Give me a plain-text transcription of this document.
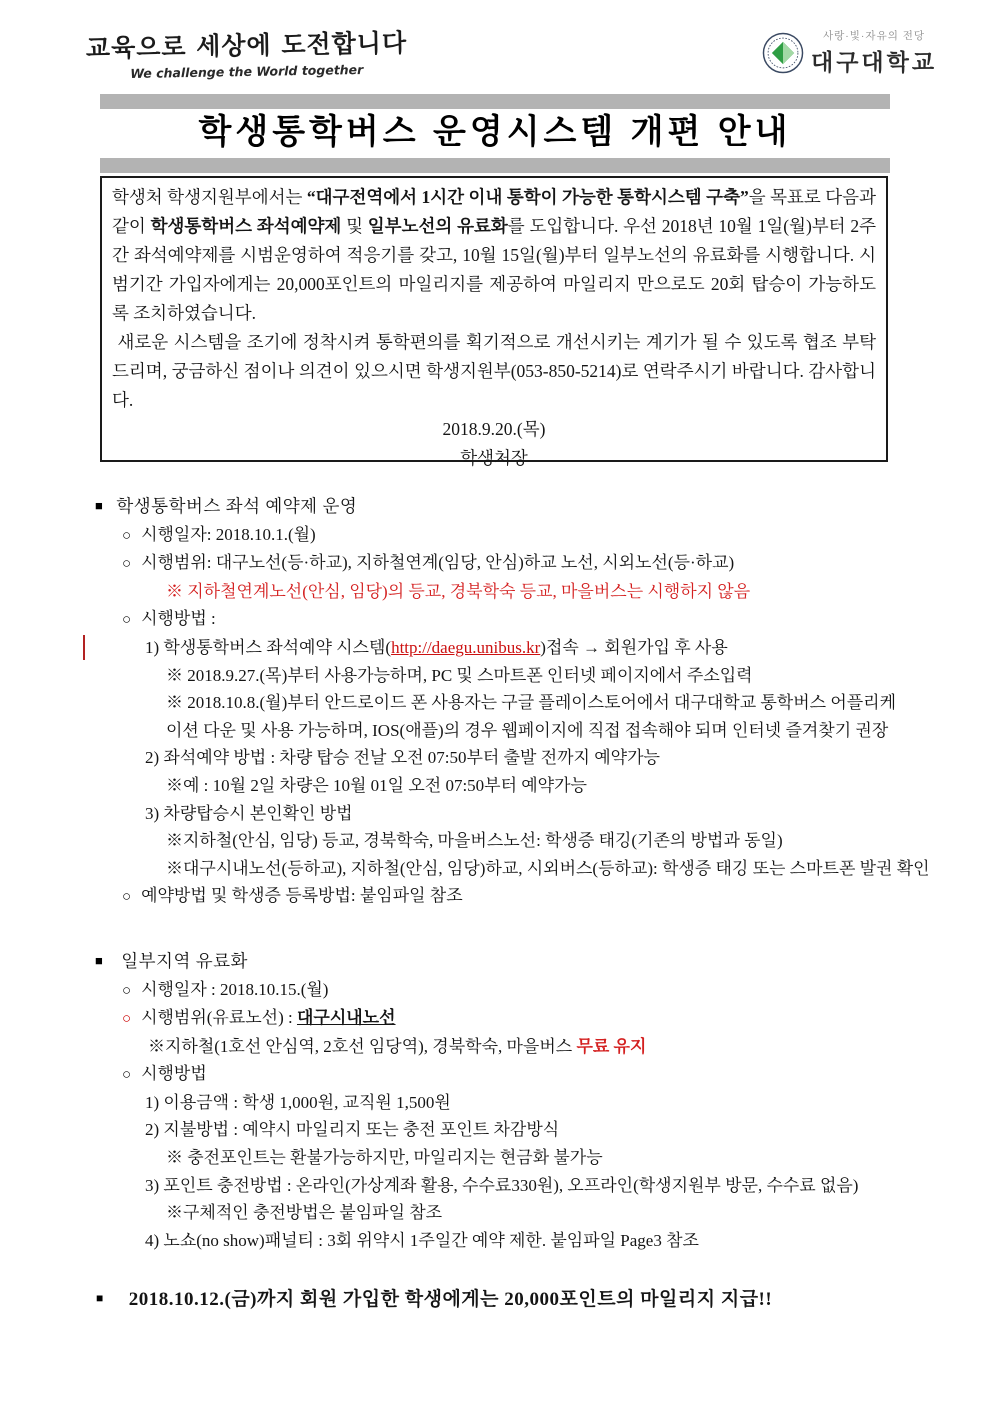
교육으로 세상에 도전합니다
We challenge the World together
사랑·빛·자유의 전당
대구대학교
학생통학버스 운영시스템 개편 안내

학생처 학생지원부에서는 “대구전역에서 1시간 이내 통학이 가능한 통학시스템 구축”을 목표로 다음과 같이 학생통학버스 좌석예약제 및 일부노선의 유료화를 도입합니다. 우선 2018년 10월 1일(월)부터 2주간 좌석예약제를 시범운영하여 적응기를 갖고, 10월 15일(월)부터 일부노선의 유료화를 시행합니다. 시범기간 가입자에게는 20,000포인트의 마일리지를 제공하여 마일리지 만으로도 20회 탑승이 가능하도록 조치하였습니다.

새로운 시스템을 조기에 정착시켜 통학편의를 획기적으로 개선시키는 계기가 될 수 있도록 협조 부탁드리며, 궁금하신 점이나 의견이 있으시면 학생지원부(053-850-5214)로 연락주시기 바랍니다. 감사합니다.

2018.9.20.(목)
학생처장
■ 학생통학버스 좌석 예약제 운영
○ 시행일자: 2018.10.1.(월)
○ 시행범위: 대구노선(등·하교), 지하철연계(임당, 안심)하교 노선, 시외노선(등·하교)
※ 지하철연계노선(안심, 임당)의 등교, 경북학숙 등교, 마을버스는 시행하지 않음
○ 시행방법 :
1) 학생통학버스 좌석예약 시스템(http://daegu.unibus.kr)접속 → 회원가입 후 사용
※ 2018.9.27.(목)부터 사용가능하며, PC 및 스마트폰 인터넷 페이지에서 주소입력
※ 2018.10.8.(월)부터 안드로이드 폰 사용자는 구글 플레이스토어에서 대구대학교 통학버스 어플리케이션 다운 및 사용 가능하며, IOS(애플)의 경우 웹페이지에 직접 접속해야 되며 인터넷 즐겨찾기 권장
2) 좌석예약 방법 : 차량 탑승 전날 오전 07:50부터 출발 전까지 예약가능
※예 : 10월 2일 차량은 10월 01일 오전 07:50부터 예약가능
3) 차량탑승시 본인확인 방법
※지하철(안심, 임당) 등교, 경북학숙, 마을버스노선: 학생증 태깅(기존의 방법과 동일)
※대구시내노선(등하교), 지하철(안심, 임당)하교, 시외버스(등하교): 학생증 태깅 또는 스마트폰 발권 확인
○ 예약방법 및 학생증 등록방법: 붙임파일 참조
■ 일부지역 유료화
○ 시행일자 : 2018.10.15.(월)
○ 시행범위(유료노선) : 대구시내노선
※지하철(1호선 안심역, 2호선 임당역), 경북학숙, 마을버스 무료 유지
○ 시행방법
1) 이용금액 : 학생 1,000원, 교직원 1,500원
2) 지불방법 : 예약시 마일리지 또는 충전 포인트 차감방식
※ 충전포인트는 환불가능하지만, 마일리지는 현금화 불가능
3) 포인트 충전방법 : 온라인(가상계좌 활용, 수수료330원), 오프라인(학생지원부 방문, 수수료 없음)
※구체적인 충전방법은 붙임파일 참조
4) 노쇼(no show)패널티 : 3회 위약시 1주일간 예약 제한. 붙임파일 Page3 참조
■ 2018.10.12.(금)까지 회원 가입한 학생에게는 20,000포인트의 마일리지 지급!!
